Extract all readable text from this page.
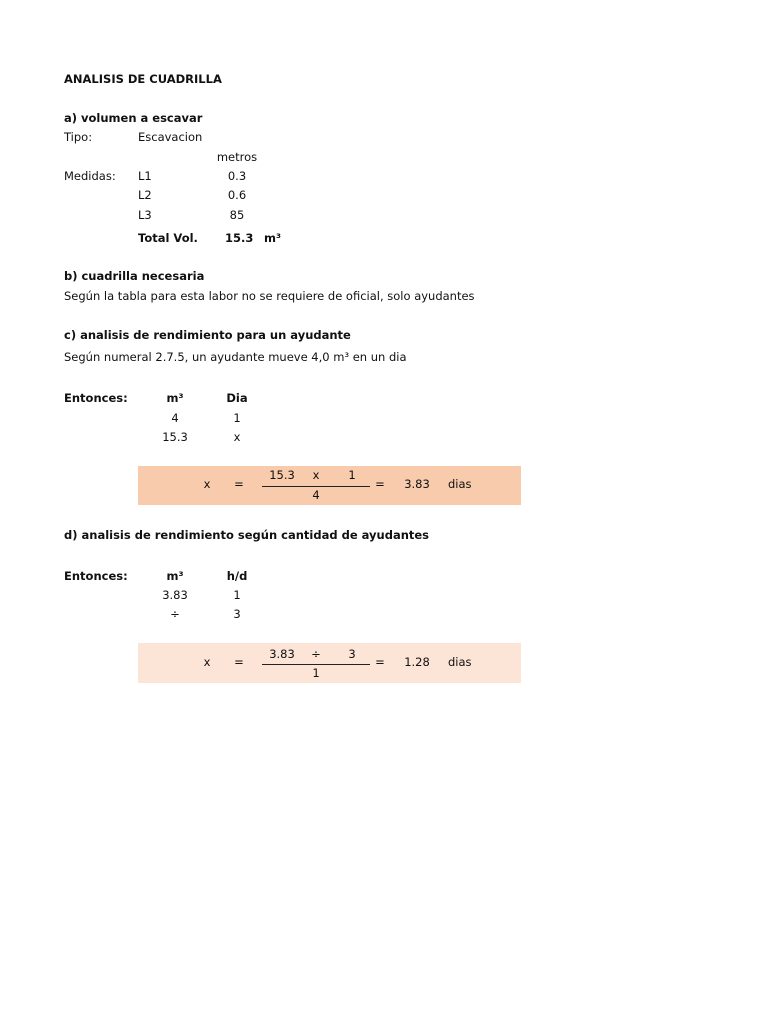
ANALISIS DE CUADRILLA
a) volumen a escavar
Tipo:	Escavacion
metros
Medidas: L1	0.3
L2	0.6
L3	85
Total Vol. 15.3 m³
b) cuadrilla necesaria
Según la tabla para esta labor no se requiere de oficial, solo ayudantes
c) analisis de rendimiento para un ayudante
Según numeral 2.7.5, un ayudante mueve 4,0 m³ en un dia
Entonces:	m³	Dia
4	1
15.3	x
x	=
15.3	x	1
4
=	3.83	dias
d) analisis de rendimiento según cantidad de ayudantes
Entonces:	m³	h/d
3.83	1
÷	3
x	=
3.83	÷	3
1
=	1.28	dias
